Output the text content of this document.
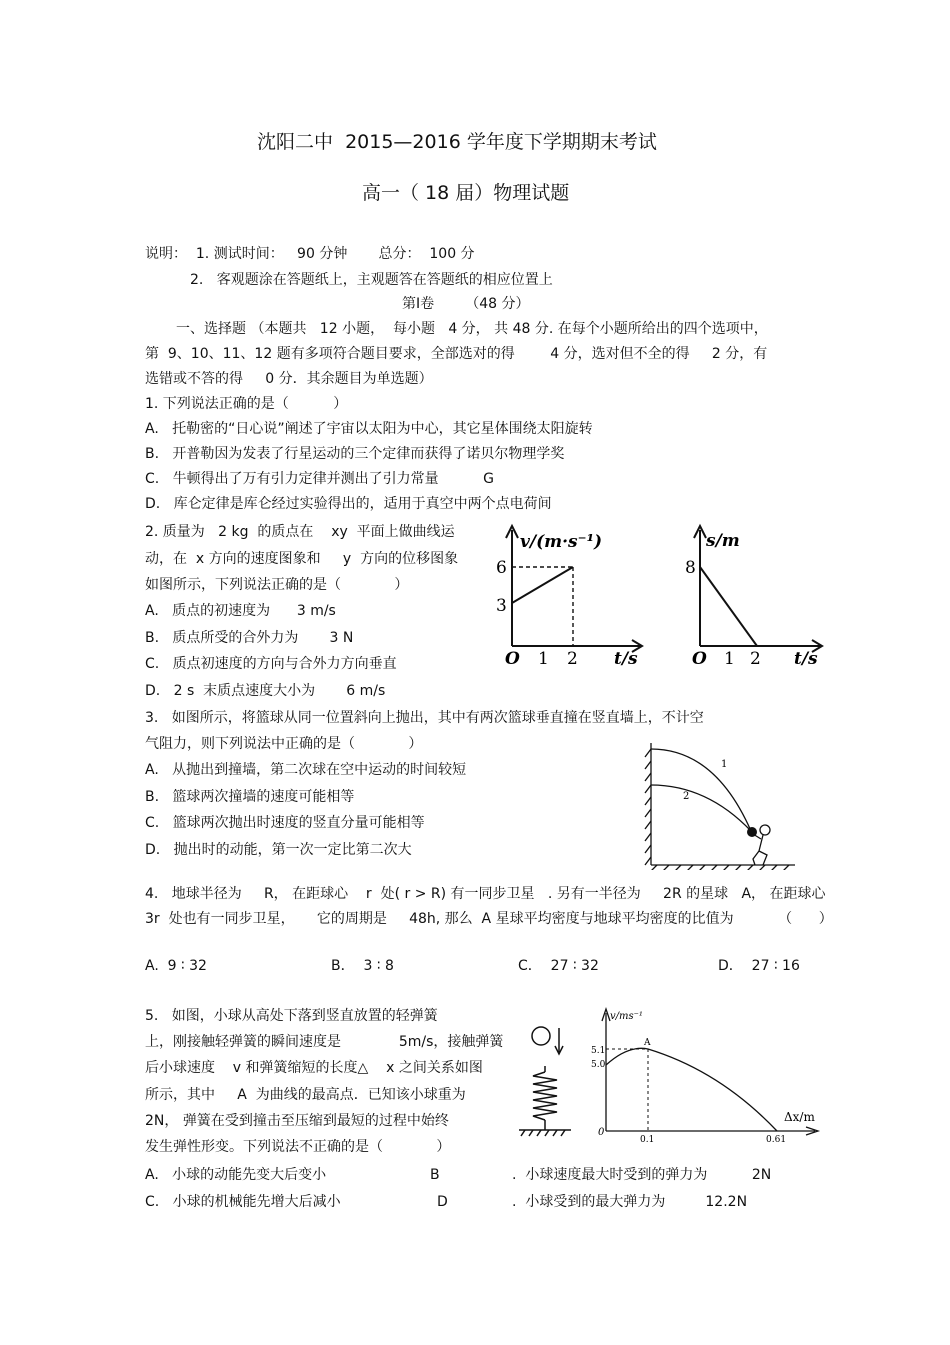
沈阳二中  2015—2016 学年度下学期期末考试
高一（ 18 届）物理试题
说明：  1. 测试时间：   90 分钟       总分：  100 分
2.   客观题涂在答题纸上，主观题答在答题纸的相应位置上
第Ⅰ卷       （48 分）
一、选择题 （本题共   12 小题，  每小题   4 分， 共 48 分. 在每个小题所给出的四个选项中，
第  9、10、11、12 题有多项符合题目要求，全部选对的得        4 分，选对但不全的得     2 分，有
选错或不答的得     0 分．其余题目为单选题）
1. 下列说法正确的是（          ）
A.   托勒密的“日心说”阐述了宇宙以太阳为中心，其它星体围绕太阳旋转
B.   开普勒因为发表了行星运动的三个定律而获得了诺贝尔物理学奖
C.   牛顿得出了万有引力定律并测出了引力常量          G
D.   库仑定律是库仑经过实验得出的，适用于真空中两个点电荷间
2. 质量为   2 kg  的质点在    xy  平面上做曲线运
动，在  x 方向的速度图象和     y  方向的位移图象
如图所示，下列说法正确的是（            ）
A.   质点的初速度为      3 m/s
B.   质点所受的合外力为       3 N
C.   质点初速度的方向与合外力方向垂直
D.   2 s  末质点速度大小为       6 m/s
v/(m·s⁻¹)
6
3
O 1 2 t/s
s/m
8
O 1 2 t/s
3.   如图所示，将篮球从同一位置斜向上抛出，其中有两次篮球垂直撞在竖直墙上，不计空
气阻力，则下列说法中正确的是（            ）
A.   从抛出到撞墙，第二次球在空中运动的时间较短
B.   篮球两次撞墙的速度可能相等
C.   篮球两次抛出时速度的竖直分量可能相等
D.   抛出时的动能，第一次一定比第二次大
1
2
4.   地球半径为     R， 在距球心    r  处( r > R) 有一同步卫星   . 另有一半径为     2R 的星球   A， 在距球心
3r  处也有一同步卫星，     它的周期是     48h, 那么  A 星球平均密度与地球平均密度的比值为          （      ）
A.  9 ∶ 32	B．  3 ∶ 8	C．  27 ∶ 32	D．  27 ∶ 16
5.   如图，小球从高处下落到竖直放置的轻弹簧
上，刚接触轻弹簧的瞬间速度是             5m/s，接触弹簧
后小球速度    v 和弹簧缩短的长度△    x 之间关系如图
所示，其中     A  为曲线的最高点．已知该小球重为
2N， 弹簧在受到撞击至压缩到最短的过程中始终
发生弹性形变。下列说法不正确的是（            ）
A.   小球的动能先变大后变小	B	.  小球速度最大时受到的弹力为          2N
C.   小球的机械能先增大后减小	D	.  小球受到的最大弹力为         12.2N
v/ms⁻¹
5.1
5.0
A
0
0.1	0.61
Δx/m
